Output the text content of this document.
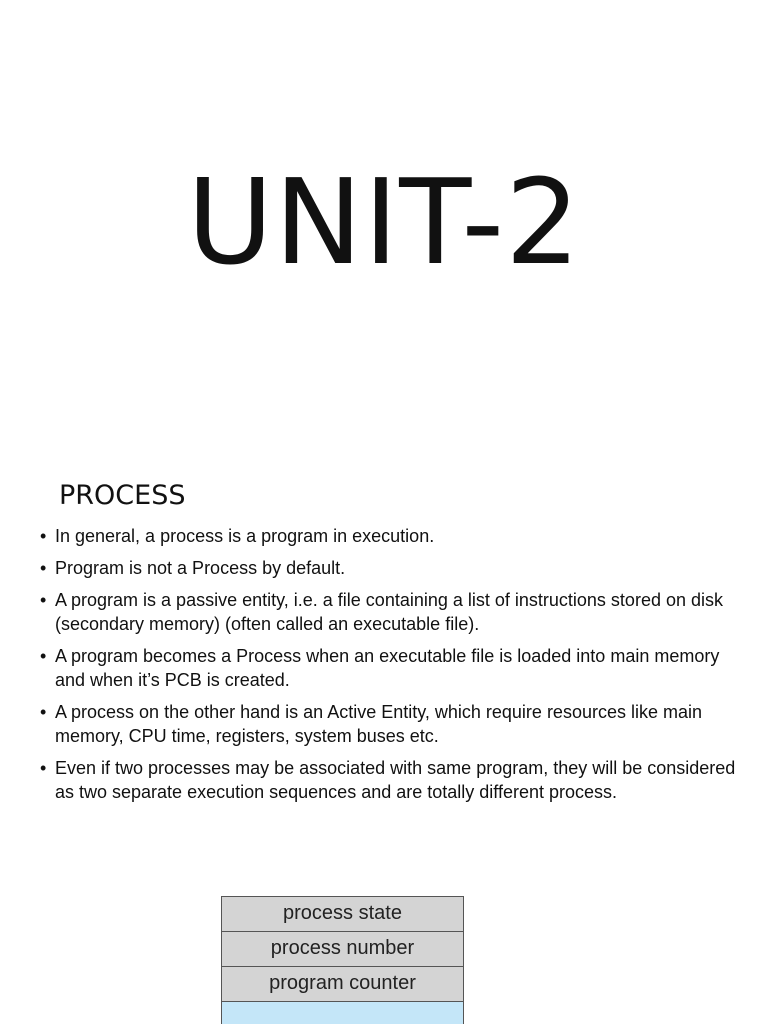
UNIT-2
PROCESS
• In general, a process is a program in execution.
• Program is not a Process by default.
• A program is a passive entity, i.e. a file containing a list of instructions stored on disk (secondary memory) (often called an executable file).
• A program becomes a Process when an executable file is loaded into main memory and when it’s PCB is created.
• A process on the other hand is an Active Entity, which require resources like main memory, CPU time, registers, system buses etc.
• Even if two processes may be associated with same program, they will be considered as two separate execution sequences and are totally different process.
process state
process number
program counter
